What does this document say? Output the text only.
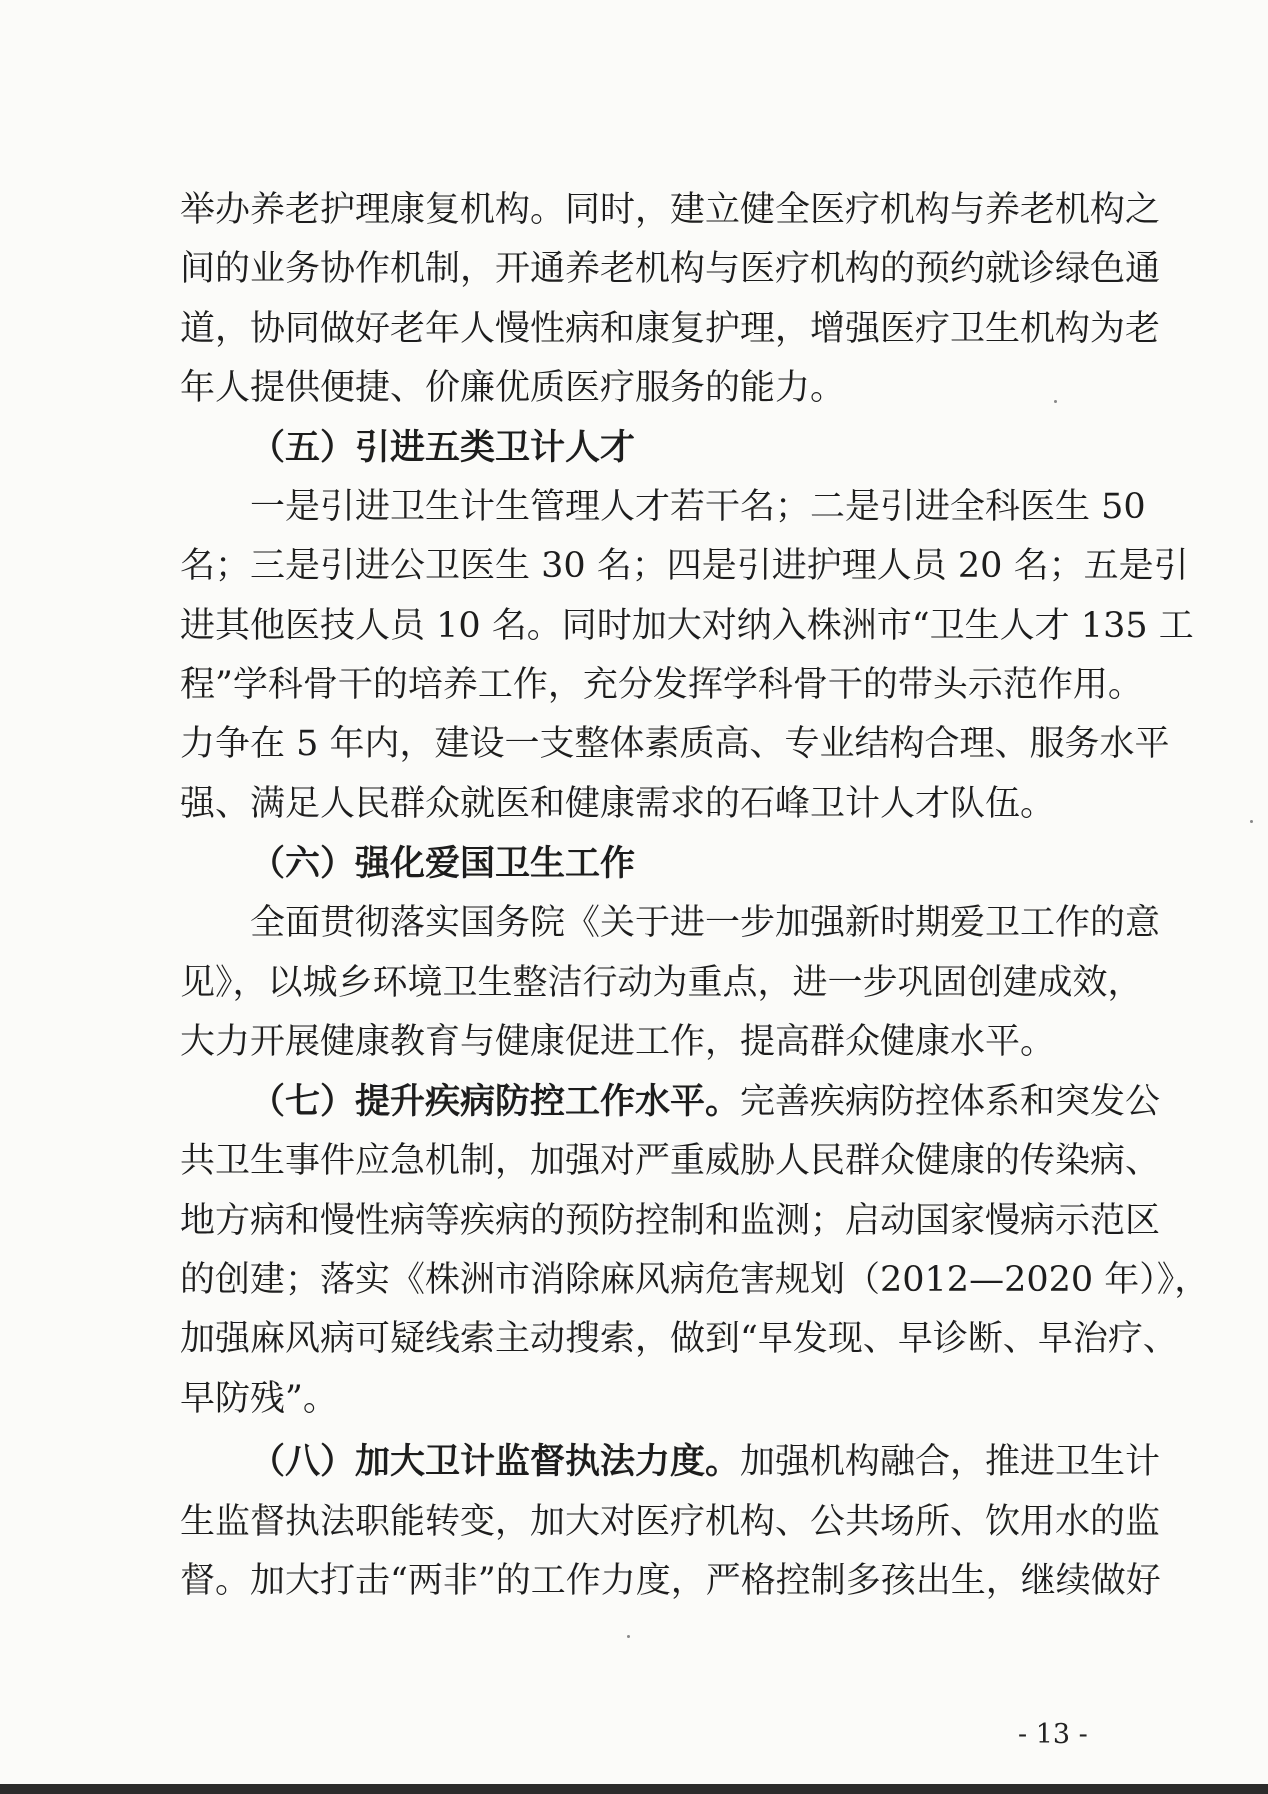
举办养老护理康复机构。同时，建立健全医疗机构与养老机构之

间的业务协作机制，开通养老机构与医疗机构的预约就诊绿色通

道，协同做好老年人慢性病和康复护理，增强医疗卫生机构为老

年人提供便捷、价廉优质医疗服务的能力。

（五）引进五类卫计人才

一是引进卫生计生管理人才若干名；二是引进全科医生 50

名；三是引进公卫医生 30 名；四是引进护理人员 20 名；五是引

进其他医技人员 10 名。同时加大对纳入株洲市“卫生人才 135 工

程”学科骨干的培养工作，充分发挥学科骨干的带头示范作用。

力争在 5 年内，建设一支整体素质高、专业结构合理、服务水平

强、满足人民群众就医和健康需求的石峰卫计人才队伍。

（六）强化爱国卫生工作

全面贯彻落实国务院《关于进一步加强新时期爱卫工作的意

见》，以城乡环境卫生整洁行动为重点，进一步巩固创建成效，

大力开展健康教育与健康促进工作，提高群众健康水平。

（七）提升疾病防控工作水平。完善疾病防控体系和突发公

共卫生事件应急机制，加强对严重威胁人民群众健康的传染病、

地方病和慢性病等疾病的预防控制和监测；启动国家慢病示范区

的创建；落实《株洲市消除麻风病危害规划（2012—2020 年）》，

加强麻风病可疑线索主动搜索，做到“早发现、早诊断、早治疗、

早防残”。

（八）加大卫计监督执法力度。加强机构融合，推进卫生计

生监督执法职能转变，加大对医疗机构、公共场所、饮用水的监

督。加大打击“两非”的工作力度，严格控制多孩出生，继续做好

- 13 -
